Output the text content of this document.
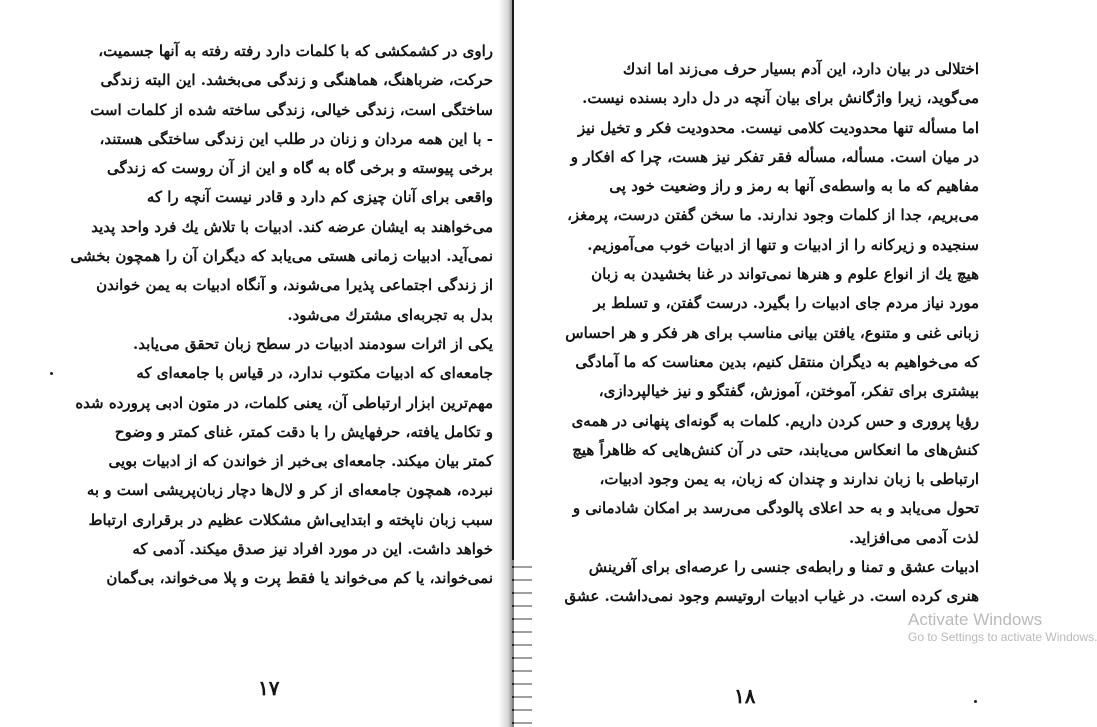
راوی در کشمکشی که با کلمات دارد رفته رفته به آنها جسمیت،
حرکت، ضرباهنگ، هماهنگی و زندگی می‌بخشد. این البته زندگی
ساختگی است، زندگی خیالی، زندگی ساخته شده از کلمات است
- با این همه مردان و زنان در طلب این زندگی ساختگی هستند،
برخی پیوسته و برخی گاه به گاه و این از آن روست که زندگی
واقعی برای آنان چیزی کم دارد و قادر نیست آنچه را که
می‌خواهند به ایشان عرضه کند. ادبیات با تلاش یك فرد واحد پدید
نمی‌آید. ادبیات زمانی هستی می‌یابد که دیگران آن را همچون بخشی
از زندگی اجتماعی پذیرا می‌شوند، و آنگاه ادبیات به یمن خواندن
بدل به تجربه‌ای مشترك می‌شود.
یکی از اثرات سودمند ادبیات در سطح زبان تحقق می‌یابد.
جامعه‌ای که ادبیات مکتوب ندارد، در قیاس با جامعه‌ای که
مهم‌ترین ابزار ارتباطی آن، یعنی کلمات، در متون ادبی پرورده شده
و تکامل یافته، حرفهایش را با دقت کمتر، غنای کمتر و وضوح
کمتر بیان میکند. جامعه‌ای بی‌خبر از خواندن که از ادبیات بویی
نبرده، همچون جامعه‌ای از کر و لال‌ها دچار زبان‌پریشی است و به
سبب زبان ناپخته و ابتدایی‌اش مشکلات عظیم در برقراری ارتباط
خواهد داشت. این در مورد افراد نیز صدق میکند. آدمی که
نمی‌خواند، یا کم می‌خواند یا فقط پرت و پلا می‌خواند، بی‌گمان
۱۷
اختلالی در بیان دارد، این آدم بسیار حرف می‌زند اما اندك
می‌گوید، زیرا واژگانش برای بیان آنچه در دل دارد بسنده نیست.
اما مسأله تنها محدودیت کلامی نیست. محدودیت فکر و تخیل نیز
در میان است. مسأله، مسأله فقر تفکر نیز هست، چرا که افکار و
مفاهیم که ما به واسطه‌ی آنها به رمز و راز وضعیت خود پی
می‌بریم، جدا از کلمات وجود ندارند. ما سخن گفتن درست، پرمغز،
سنجیده و زیرکانه را از ادبیات و تنها از ادبیات خوب می‌آموزیم.
هیچ یك از انواع علوم و هنرها نمی‌تواند در غنا بخشیدن به زبان
مورد نیاز مردم جای ادبیات را بگیرد. درست گفتن، و تسلط بر
زبانی غنی و متنوع، یافتن بیانی مناسب برای هر فکر و هر احساس
که می‌خواهیم به دیگران منتقل کنیم، بدین معناست که ما آمادگی
بیشتری برای تفکر، آموختن، آموزش، گفتگو و نیز خیالپردازی،
رؤیا پروری و حس کردن داریم. کلمات به گونه‌ای پنهانی در همه‌ی
کنش‌های ما انعکاس می‌یابند، حتی در آن کنش‌هایی که ظاهراً هیچ
ارتباطی با زبان ندارند و چندان که زبان، به یمن وجود ادبیات،
تحول می‌یابد و به حد اعلای پالودگی می‌رسد بر امکان شادمانی و
لذت آدمی می‌افزاید.
ادبیات عشق و تمنا و رابطه‌ی جنسی را عرصه‌ای برای آفرینش
هنری کرده است. در غیاب ادبیات اروتیسم وجود نمی‌داشت. عشق
۱۸
Activate Windows
Go to Settings to activate Windows.
